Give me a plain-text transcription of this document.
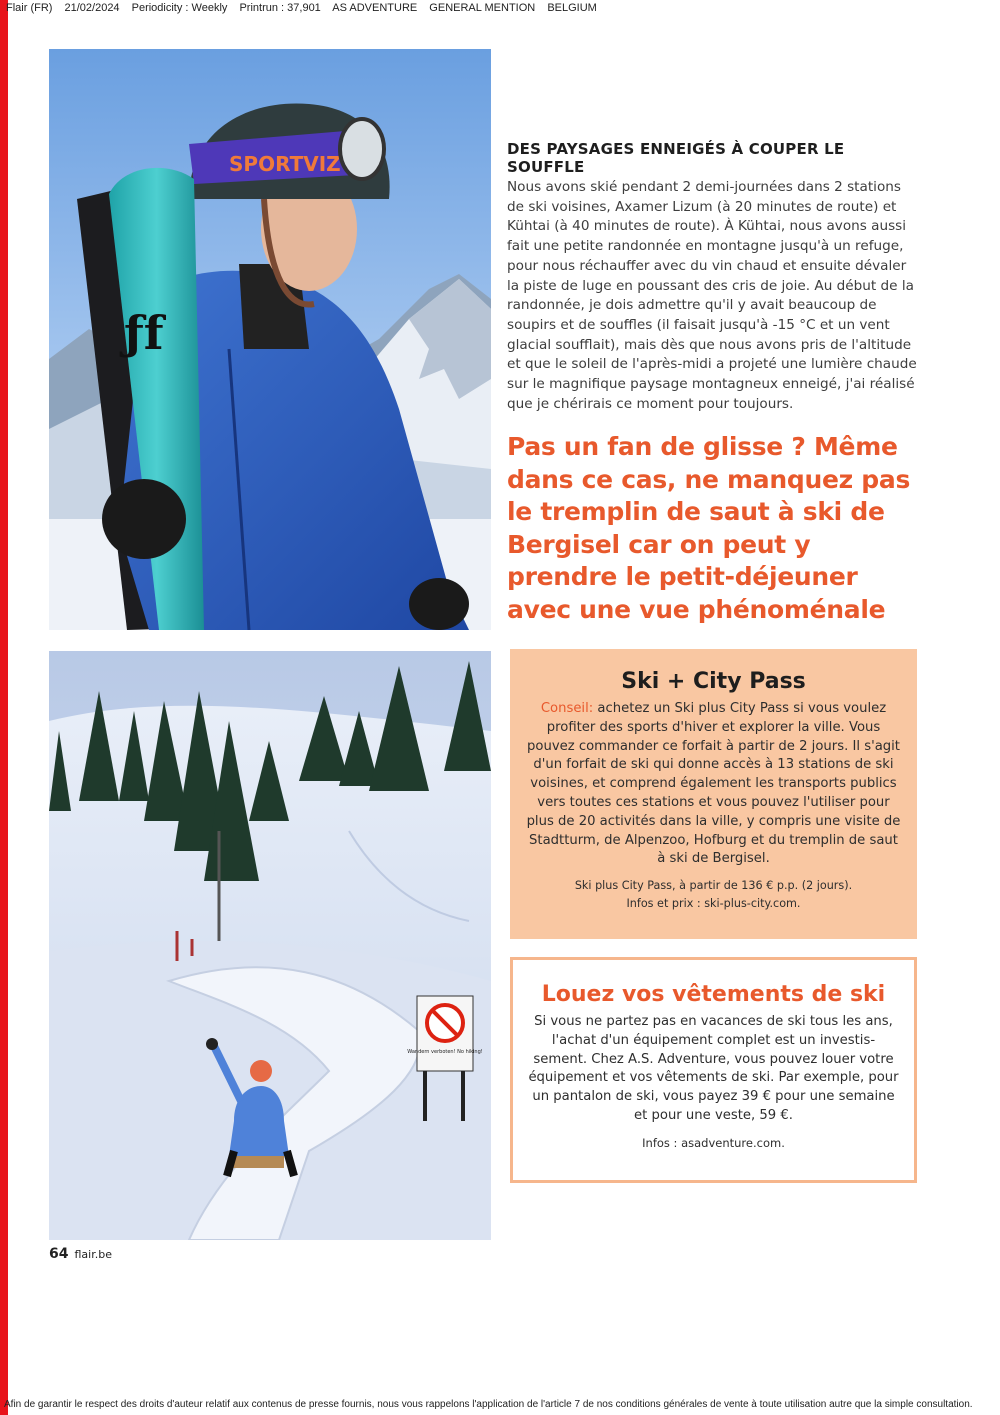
Flair (FR) 21/02/2024 Periodicity : Weekly Printrun : 37,901 AS ADVENTURE GENERAL MENTION BELGIUM
SPORTVIZ
ƒf
DES PAYSAGES ENNEIGÉS À COUPER LE SOUFFLE

Nous avons skié pendant 2 demi-journées dans 2 stations de ski voisines, Axamer Lizum (à 20 minutes de route) et Kühtai (à 40 minutes de route). À Kühtai, nous avons aussi fait une petite randonnée en montagne jusqu'à un refuge, pour nous réchauffer avec du vin chaud et ensuite dévaler la piste de luge en poussant des cris de joie. Au début de la randonnée, je dois admettre qu'il y avait beaucoup de soupirs et de souffles (il faisait jusqu'à -15 °C et un vent glacial soufflait), mais dès que nous avons pris de l'altitude et que le soleil de l'après-midi a projeté une lumière chaude sur le magnifique paysage montagneux enneigé, j'ai réalisé que je chérirais ce moment pour toujours.

Pas un fan de glisse ? Même dans ce cas, ne manquez pas le tremplin de saut à ski de Bergisel car on peut y prendre le petit-déjeuner avec une vue phénoménale

Wandern verboten! No hiking!
Ski + City Pass

Conseil: achetez un Ski plus City Pass si vous voulez profiter des sports d'hiver et explorer la ville. Vous pouvez commander ce forfait à partir de 2 jours. Il s'agit d'un forfait de ski qui donne accès à 13 stations de ski voisines, et comprend également les transports publics vers toutes ces stations et vous pouvez l'utiliser pour plus de 20 activités dans la ville, y compris une visite de Stadtturm, de Alpenzoo, Hofburg et du tremplin de saut à ski de Bergisel.

Ski plus City Pass, à partir de 136 € p.p. (2 jours).

Infos et prix : ski-plus-city.com.

Louez vos vêtements de ski

Si vous ne partez pas en vacances de ski tous les ans, l'achat d'un équipement complet est un investis-sement. Chez A.S. Adventure, vous pouvez louer votre équipement et vos vêtements de ski. Par exemple, pour un pantalon de ski, vous payez 39 € pour une semaine et pour une veste, 59 €.

Infos : asadventure.com.

64 flair.be
Afin de garantir le respect des droits d'auteur relatif aux contenus de presse fournis, nous vous rappelons l'application de l'article 7 de nos conditions générales de vente à toute utilisation autre que la simple consultation.
